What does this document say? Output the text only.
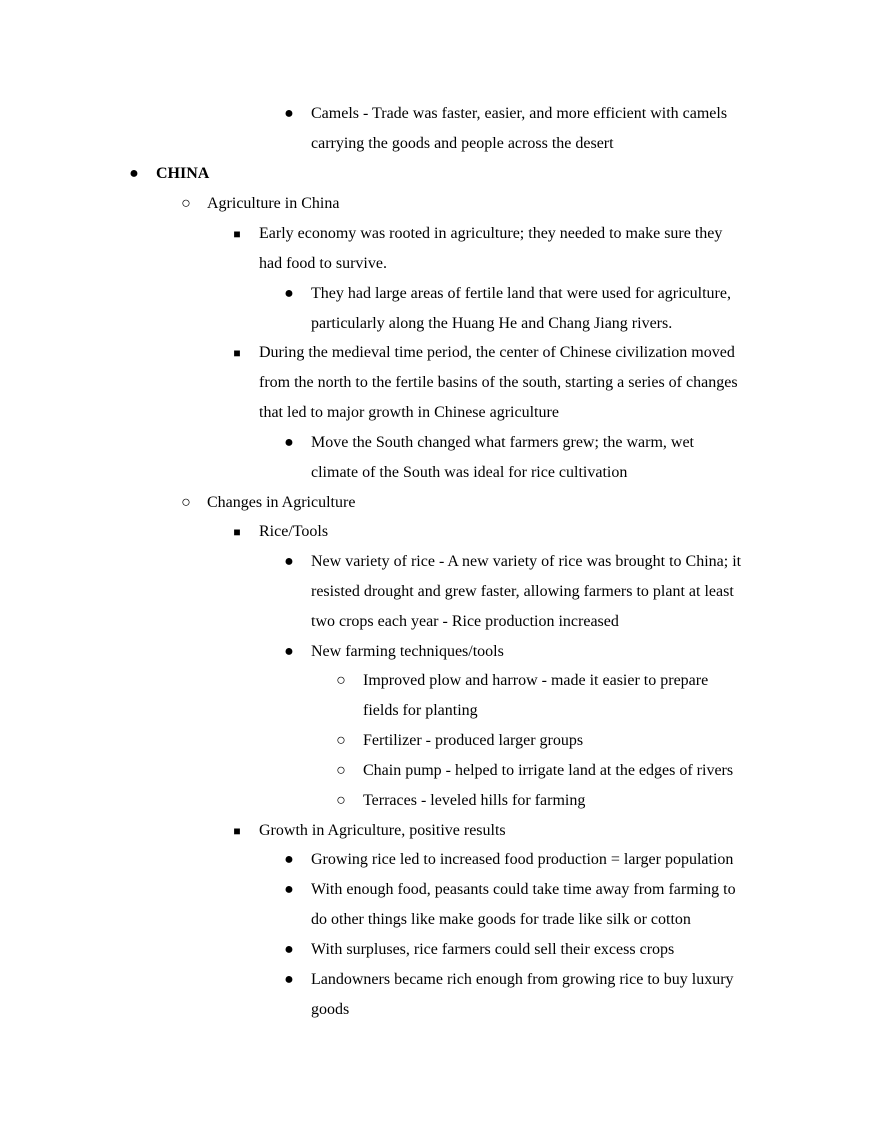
● Camels - Trade was faster, easier, and more efficient with camels
carrying the goods and people across the desert
● CHINA
○ Agriculture in China
■ Early economy was rooted in agriculture; they needed to make sure they
had food to survive.
● They had large areas of fertile land that were used for agriculture,
particularly along the Huang He and Chang Jiang rivers.
■ During the medieval time period, the center of Chinese civilization moved
from the north to the fertile basins of the south, starting a series of changes
that led to major growth in Chinese agriculture
● Move the South changed what farmers grew; the warm, wet
climate of the South was ideal for rice cultivation
○ Changes in Agriculture
■ Rice/Tools
● New variety of rice - A new variety of rice was brought to China; it
resisted drought and grew faster, allowing farmers to plant at least
two crops each year - Rice production increased
● New farming techniques/tools
○ Improved plow and harrow - made it easier to prepare
fields for planting
○ Fertilizer - produced larger groups
○ Chain pump - helped to irrigate land at the edges of rivers
○ Terraces - leveled hills for farming
■ Growth in Agriculture, positive results
● Growing rice led to increased food production = larger population
● With enough food, peasants could take time away from farming to
do other things like make goods for trade like silk or cotton
● With surpluses, rice farmers could sell their excess crops
● Landowners became rich enough from growing rice to buy luxury
goods
